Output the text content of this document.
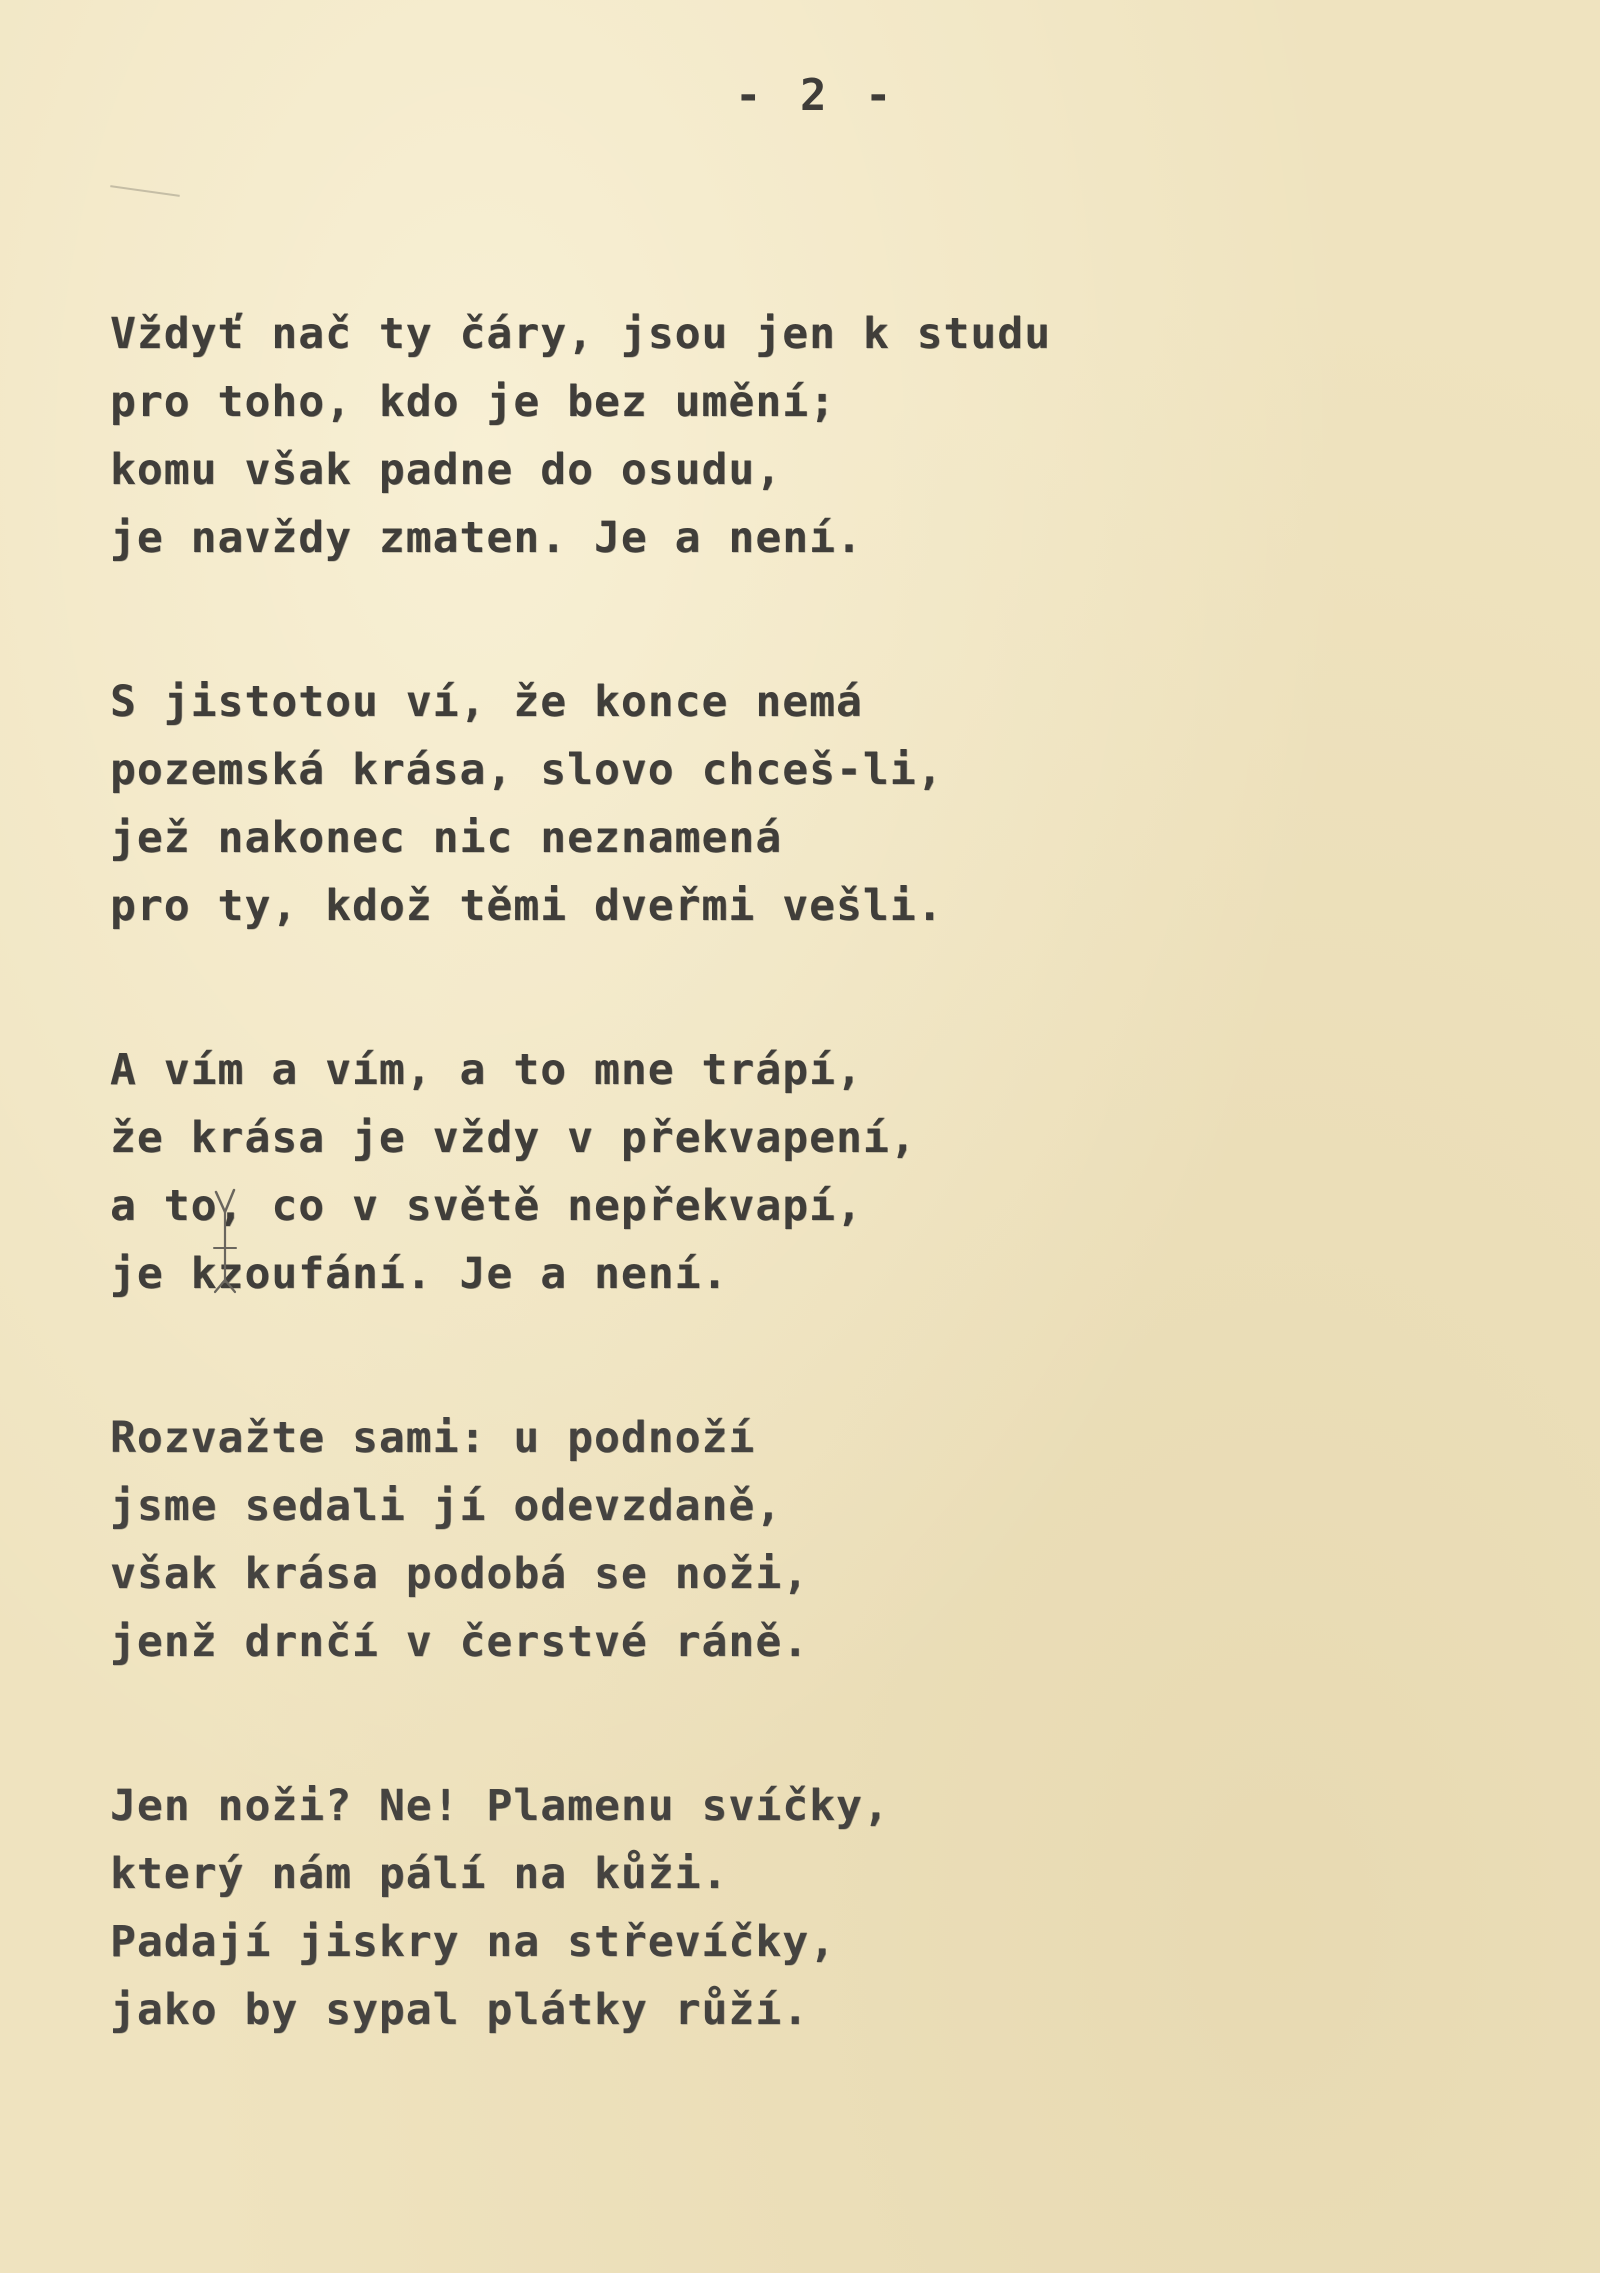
- 2 -
Vždyť nač ty čáry, jsou jen k studu
pro toho, kdo je bez umění;
komu však padne do osudu,
je navždy zmaten. Je a není.
S jistotou ví, že konce nemá
pozemská krása, slovo chceš-li,
jež nakonec nic neznamená
pro ty, kdož těmi dveřmi vešli.
A vím a vím, a to mne trápí,
že krása je vždy v překvapení,
a to, co v světě nepřekvapí,
je kzoufání. Je a není.
Rozvažte sami: u podnoží
jsme sedali jí odevzdaně,
však krása podobá se noži,
jenž drnčí v čerstvé ráně.
Jen noži? Ne! Plamenu svíčky,
který nám pálí na kůži.
Padají jiskry na střevíčky,
jako by sypal plátky růží.
